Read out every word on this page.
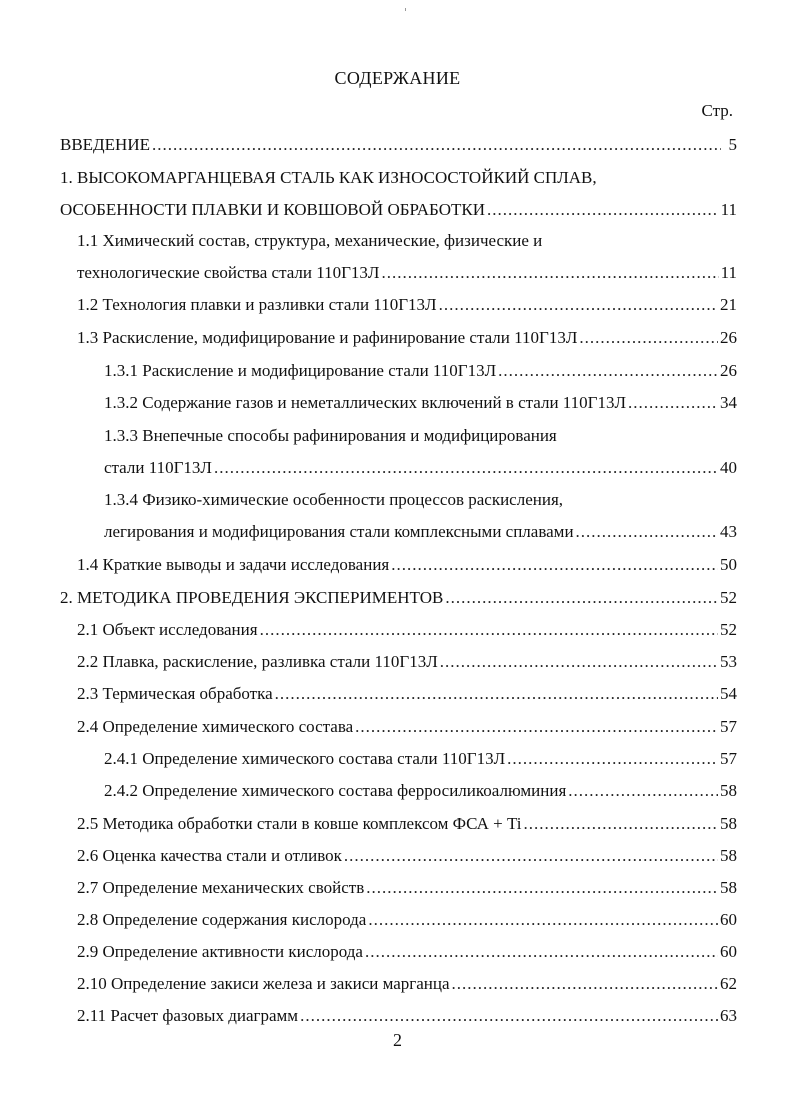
СОДЕРЖАНИЕ
Стр.
ВВЕДЕНИЕ .....	5
1. ВЫСОКОМАРГАНЦЕВАЯ СТАЛЬ КАК ИЗНОСОСТОЙКИЙ СПЛАВ,
ОСОБЕННОСТИ ПЛАВКИ И КОВШОВОЙ ОБРАБОТКИ .....	11
1.1 Химический состав, структура, механические, физические и
технологические свойства стали 110Г13Л .....	11
1.2 Технология плавки и разливки стали 110Г13Л .....	21
1.3 Раскисление, модифицирование и рафинирование стали 110Г13Л .....	26
1.3.1 Раскисление и модифицирование стали 110Г13Л .....	26
1.3.2 Содержание газов и неметаллических включений в стали 110Г13Л .....	34
1.3.3 Внепечные способы рафинирования и модифицирования
стали 110Г13Л .....	40
1.3.4 Физико-химические особенности процессов раскисления,
легирования и модифицирования стали комплексными сплавами .....	43
1.4 Краткие выводы и задачи исследования .....	50
2. МЕТОДИКА ПРОВЕДЕНИЯ ЭКСПЕРИМЕНТОВ .....	52
2.1 Объект исследования .....	52
2.2 Плавка, раскисление, разливка стали 110Г13Л .....	53
2.3 Термическая обработка .....	54
2.4 Определение химического состава .....	57
2.4.1 Определение химического состава стали 110Г13Л .....	57
2.4.2 Определение химического состава ферросиликоалюминия .....	58
2.5 Методика обработки стали в ковше комплексом ФСА + Ti .....	58
2.6 Оценка качества стали и отливок .....	58
2.7 Определение механических свойств .....	58
2.8 Определение содержания кислорода .....	60
2.9 Определение активности кислорода .....	60
2.10 Определение закиси железа и закиси марганца .....	62
2.11 Расчет фазовых диаграмм .....	63
2
